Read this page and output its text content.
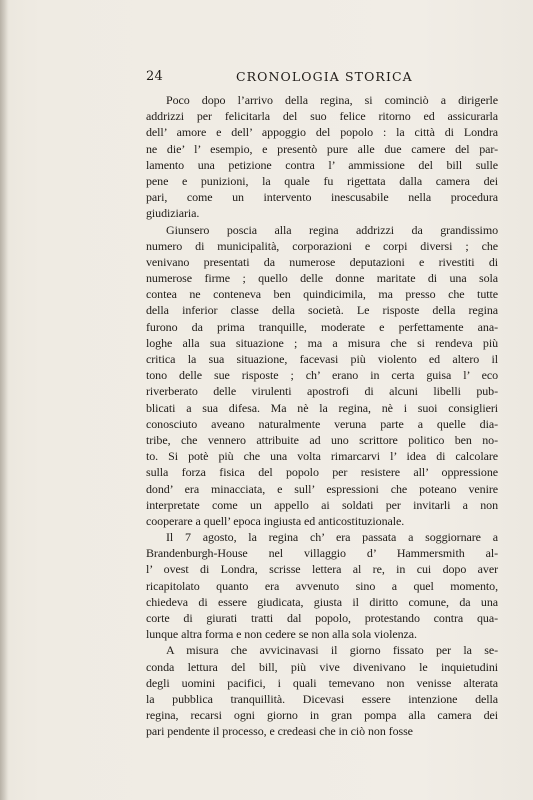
24	CRONOLOGIA STORICA
Poco dopo l’arrivo della regina, si cominciò a dirigerle
addrizzi per felicitarla del suo felice ritorno ed assicurarla
dell’ amore e dell’ appoggio del popolo : la città di Londra
ne die’ l’ esempio, e presentò pure alle due camere del par-
lamento una petizione contra l’ ammissione del bill sulle
pene e punizioni, la quale fu rigettata dalla camera dei
pari, come un intervento inescusabile nella procedura
giudiziaria.
Giunsero poscia alla regina addrizzi da grandissimo
numero di municipalità, corporazioni e corpi diversi ; che
venivano presentati da numerose deputazioni e rivestiti di
numerose firme ; quello delle donne maritate di una sola
contea ne conteneva ben quindicimila, ma presso che tutte
della inferior classe della società. Le risposte della regina
furono da prima tranquille, moderate e perfettamente ana-
loghe alla sua situazione ; ma a misura che si rendeva più
critica la sua situazione, facevasi più violento ed altero il
tono delle sue risposte ; ch’ erano in certa guisa l’ eco
riverberato delle virulenti apostrofi di alcuni libelli pub-
blicati a sua difesa. Ma nè la regina, nè i suoi consiglieri
conosciuto aveano naturalmente veruna parte a quelle dia-
tribe, che vennero attribuite ad uno scrittore politico ben no-
to. Si potè più che una volta rimarcarvi l’ idea di calcolare
sulla forza fisica del popolo per resistere all’ oppressione
dond’ era minacciata, e sull’ espressioni che poteano venire
interpretate come un appello ai soldati per invitarli a non
cooperare a quell’ epoca ingiusta ed anticostituzionale.
Il 7 agosto, la regina ch’ era passata a soggiornare a
Brandenburgh-House nel villaggio d’ Hammersmith al-
l’ ovest di Londra, scrisse lettera al re, in cui dopo aver
ricapitolato quanto era avvenuto sino a quel momento,
chiedeva di essere giudicata, giusta il diritto comune, da una
corte di giurati tratti dal popolo, protestando contra qua-
lunque altra forma e non cedere se non alla sola violenza.
A misura che avvicinavasi il giorno fissato per la se-
conda lettura del bill, più vive divenivano le inquietudini
degli uomini pacifici, i quali temevano non venisse alterata
la pubblica tranquillità. Dicevasi essere intenzione della
regina, recarsi ogni giorno in gran pompa alla camera dei
pari pendente il processo, e credeasi che in ciò non fosse
